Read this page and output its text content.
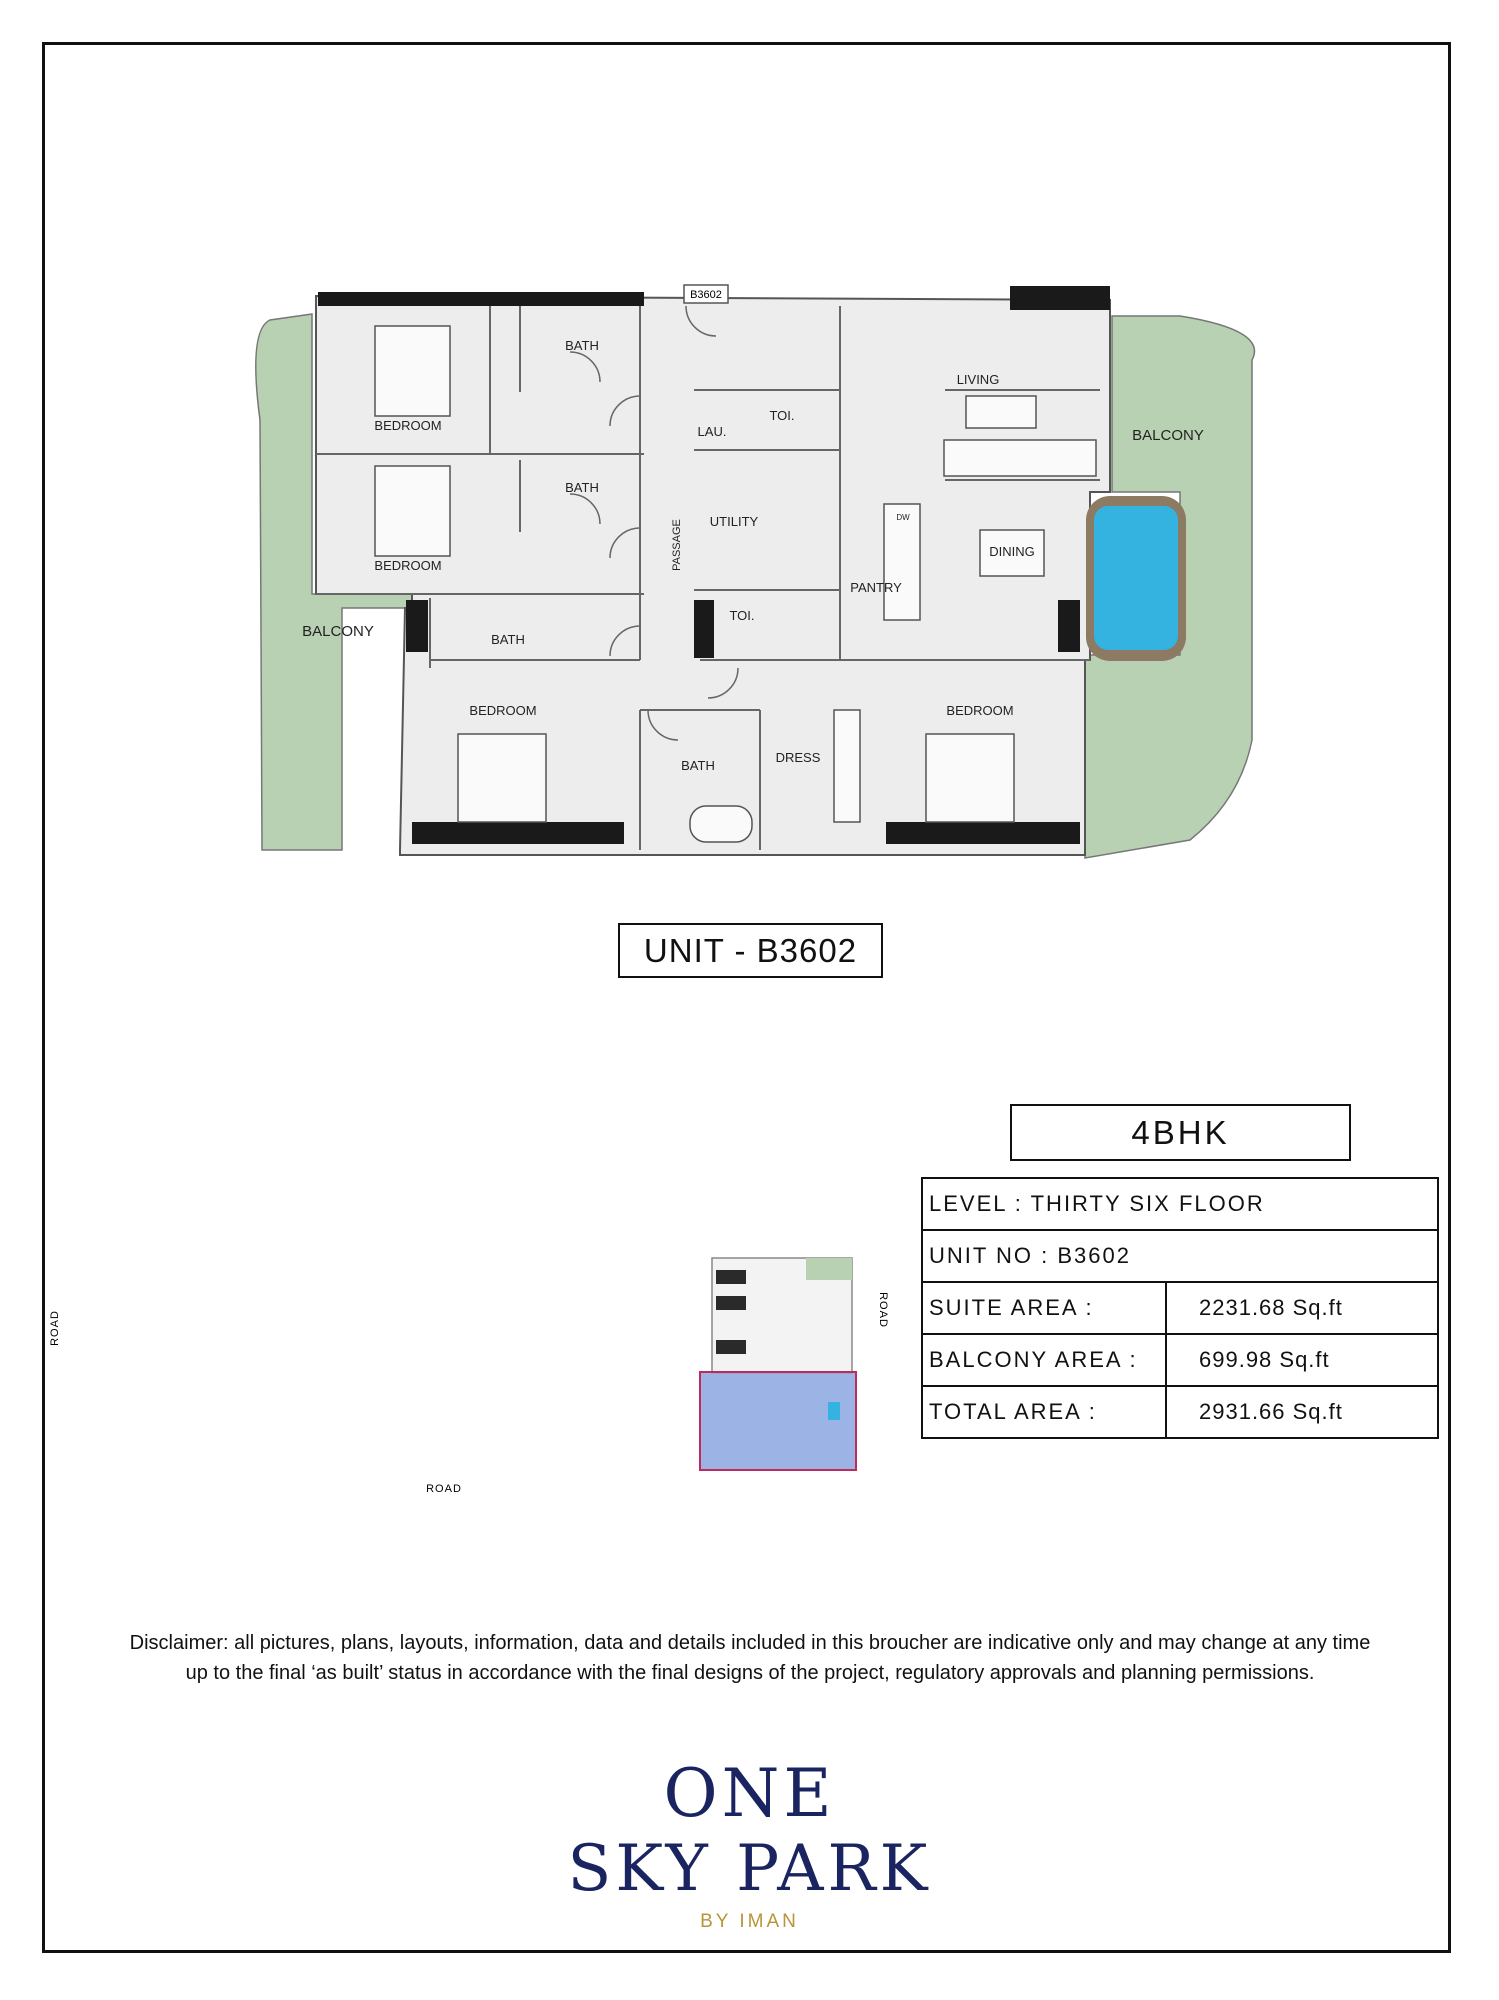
B3602
BEDROOM
BEDROOM
BEDROOM	BEDROOM
BATH
BATH
BATH
BATH
LAU.
TOI.
TOI.
UTILITY
LIVING
DINING
PANTRY
DRESS
BALCONY
BALCONY
DW
PASSAGE
ROAD
ROAD
ROAD
UNIT - B3602
4BHK
LEVEL : THIRTY SIX FLOOR	
UNIT NO : B3602	
SUITE AREA :	2231.68 Sq.ft
BALCONY AREA :	699.98 Sq.ft
TOTAL AREA :	2931.66 Sq.ft
Disclaimer: all pictures, plans, layouts, information, data and details included in this broucher are indicative only and may change at any time up to the final ‘as built’ status in accordance with the final designs of the project, regulatory approvals and planning permissions.
ONE
SKY PARK
BY IMAN
